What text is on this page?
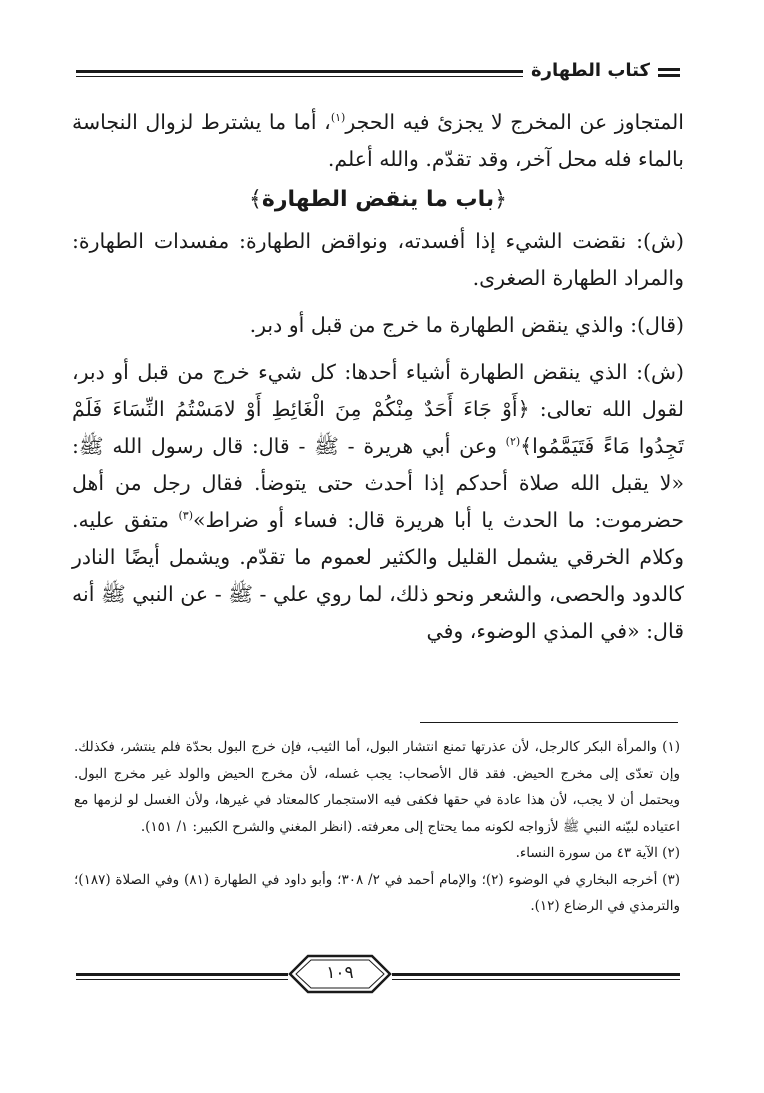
كتاب الطهارة

المتجاوز عن المخرج لا يجزئ فيه الحجر$^{(١)}$، أما ما يشترط لزوال النجاسة بالماء فله محل آخر، وقد تقدّم. والله أعلم.

﴿باب ما ينقض الطهارة﴾

(ش): نقضت الشيء إذا أفسدته، ونواقض الطهارة: مفسدات الطهارة: والمراد الطهارة الصغرى.

(قال): والذي ينقض الطهارة ما خرج من قبل أو دبر.

(ش): الذي ينقض الطهارة أشياء أحدها: كل شيء خرج من قبل أو دبر، لقول الله تعالى: ﴿أَوْ جَاءَ أَحَدٌ مِنْكُمْ مِنَ الْغَائِطِ أَوْ لامَسْتُمُ النِّسَاءَ فَلَمْ تَجِدُوا مَاءً فَتَيَمَّمُوا﴾$^{(٢)}$ وعن أبي هريرة - ﷺ - قال: قال رسول الله ﷺ: «لا يقبل الله صلاة أحدكم إذا أحدث حتى يتوضأ. فقال رجل من أهل حضرموت: ما الحدث يا أبا هريرة قال: فساء أو ضراط»$^{(٣)}$ متفق عليه. وكلام الخرقي يشمل القليل والكثير لعموم ما تقدّم. ويشمل أيضًا النادر كالدود والحصى، والشعر ونحو ذلك، لما روي علي - ﷺ - عن النبي ﷺ أنه قال: «في المذي الوضوء، وفي

(١) والمرأة البكر كالرجل، لأن عذرتها تمنع انتشار البول، أما الثيب، فإن خرج البول بحدّة فلم ينتشر، فكذلك. وإن تعدّى إلى مخرج الحيض. فقد قال الأصحاب: يجب غسله، لأن مخرج الحيض والولد غير مخرج البول. ويحتمل أن لا يجب، لأن هذا عادة في حقها فكفى فيه الاستجمار كالمعتاد في غيرها، ولأن الغسل لو لزمها مع اعتياده لبيّنه النبي ﷺ لأزواجه لكونه مما يحتاج إلى معرفته. (انظر المغني والشرح الكبير: ١/ ١٥١).

(٢) الآية ٤٣ من سورة النساء.

(٣) أخرجه البخاري في الوضوء (٢)؛ والإمام أحمد في ٢/ ٣٠٨؛ وأبو داود في الطهارة (٨١) وفي الصلاة (١٨٧)؛ والترمذي في الرضاع (١٢).

١٠٩
